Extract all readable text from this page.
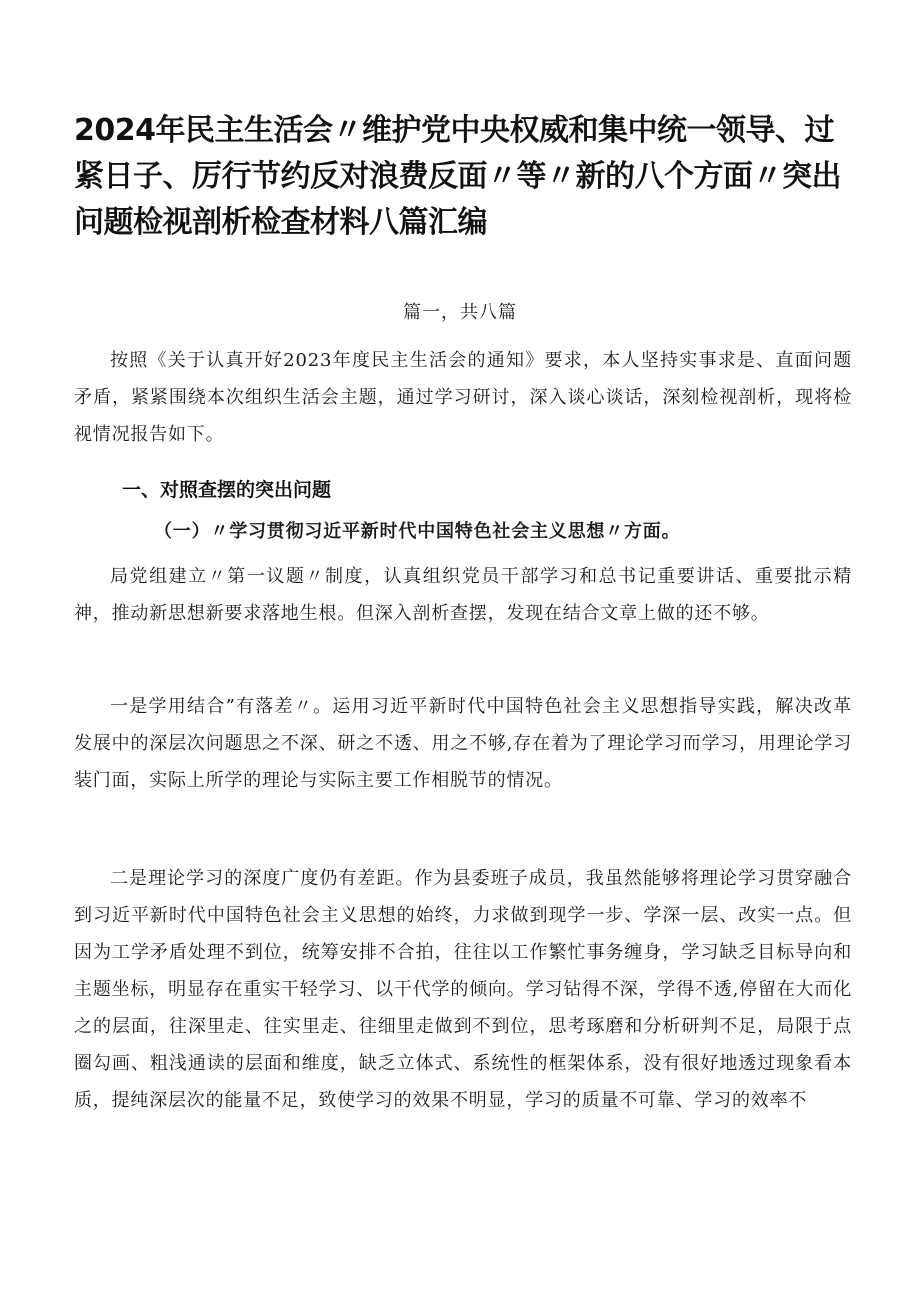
2024年民主生活会〃维护党中央权威和集中统一领导、过紧日子、厉行节约反对浪费反面〃等〃新的八个方面〃突出问题检视剖析检查材料八篇汇编
篇一，共八篇

按照《关于认真开好2023年度民主生活会的通知》要求，本人坚持实事求是、直面问题矛盾，紧紧围绕本次组织生活会主题，通过学习研讨，深入谈心谈话，深刻检视剖析，现将检视情况报告如下。

一、对照查摆的突出问题
（一）〃学习贯彻习近平新时代中国特色社会主义思想〃方面。

局党组建立〃第一议题〃制度，认真组织党员干部学习和总书记重要讲话、重要批示精神，推动新思想新要求落地生根。但深入剖析查摆，发现在结合文章上做的还不够。

一是学用结合”有落差〃。运用习近平新时代中国特色社会主义思想指导实践，解决改革发展中的深层次问题思之不深、研之不透、用之不够,存在着为了理论学习而学习，用理论学习装门面，实际上所学的理论与实际主要工作相脱节的情况。

二是理论学习的深度广度仍有差距。作为县委班子成员，我虽然能够将理论学习贯穿融合到习近平新时代中国特色社会主义思想的始终，力求做到现学一步、学深一层、改实一点。但因为工学矛盾处理不到位，统筹安排不合拍，往往以工作繁忙事务缠身，学习缺乏目标导向和主题坐标，明显存在重实干轻学习、以干代学的倾向。学习钻得不深，学得不透,停留在大而化之的层面，往深里走、往实里走、往细里走做到不到位，思考琢磨和分析研判不足，局限于点圈勾画、粗浅通读的层面和维度，缺乏立体式、系统性的框架体系，没有很好地透过现象看本质，提纯深层次的能量不足，致使学习的效果不明显，学习的质量不可靠、学习的效率不
